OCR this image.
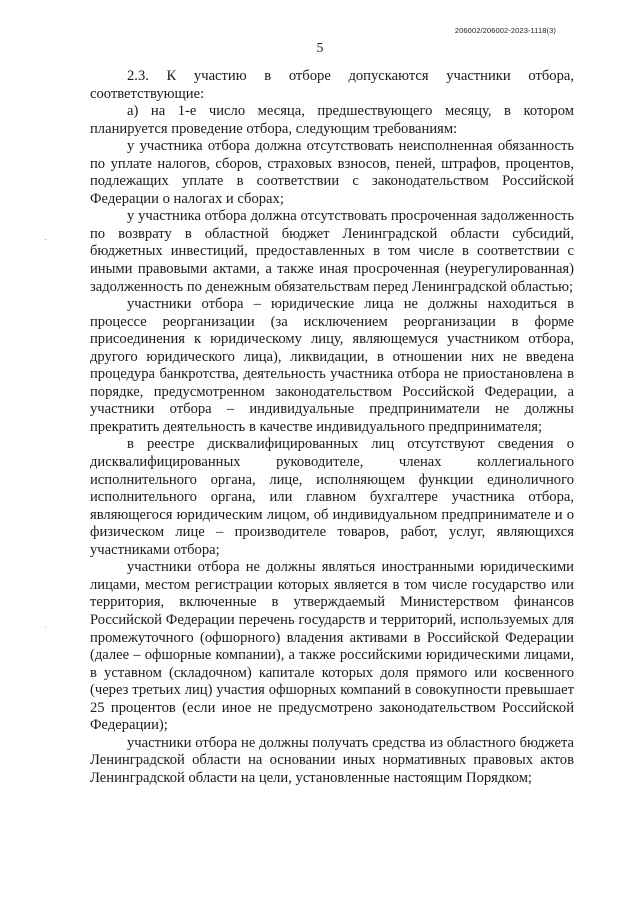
206002/206002-2023-1118(3)
5
-
·

2.3. К участию в отборе допускаются участники отбора, соответствующие:

а) на 1-е число месяца, предшествующего месяцу, в котором планируется проведение отбора, следующим требованиям:

у участника отбора должна отсутствовать неисполненная обязанность по уплате налогов, сборов, страховых взносов, пеней, штрафов, процентов, подлежащих уплате в соответствии с законодательством Российской Федерации о налогах и сборах;

у участника отбора должна отсутствовать просроченная задолженность по возврату в областной бюджет Ленинградской области субсидий, бюджетных инвестиций, предоставленных в том числе в соответствии с иными правовыми актами, а также иная просроченная (неурегулированная) задолженность по денежным обязательствам перед Ленинградской областью;

участники отбора – юридические лица не должны находиться в процессе реорганизации (за исключением реорганизации в форме присоединения к юридическому лицу, являющемуся участником отбора, другого юридического лица), ликвидации, в отношении них не введена процедура банкротства, деятельность участника отбора не приостановлена в порядке, предусмотренном законодательством Российской Федерации, а участники отбора – индивидуальные предприниматели не должны прекратить деятельность в качестве индивидуального предпринимателя;

в реестре дисквалифицированных лиц отсутствуют сведения о дисквалифицированных руководителе, членах коллегиального исполнительного органа, лице, исполняющем функции единоличного исполнительного органа, или главном бухгалтере участника отбора, являющегося юридическим лицом, об индивидуальном предпринимателе и о физическом лице – производителе товаров, работ, услуг, являющихся участниками отбора;

участники отбора не должны являться иностранными юридическими лицами, местом регистрации которых является в том числе государство или территория, включенные в утверждаемый Министерством финансов Российской Федерации перечень государств и территорий, используемых для промежуточного (офшорного) владения активами в Российской Федерации (далее – офшорные компании), а также российскими юридическими лицами, в уставном (складочном) капитале которых доля прямого или косвенного (через третьих лиц) участия офшорных компаний в совокупности превышает 25 процентов (если иное не предусмотрено законодательством Российской Федерации);

участники отбора не должны получать средства из областного бюджета Ленинградской области на основании иных нормативных правовых актов Ленинградской области на цели, установленные настоящим Порядком;
